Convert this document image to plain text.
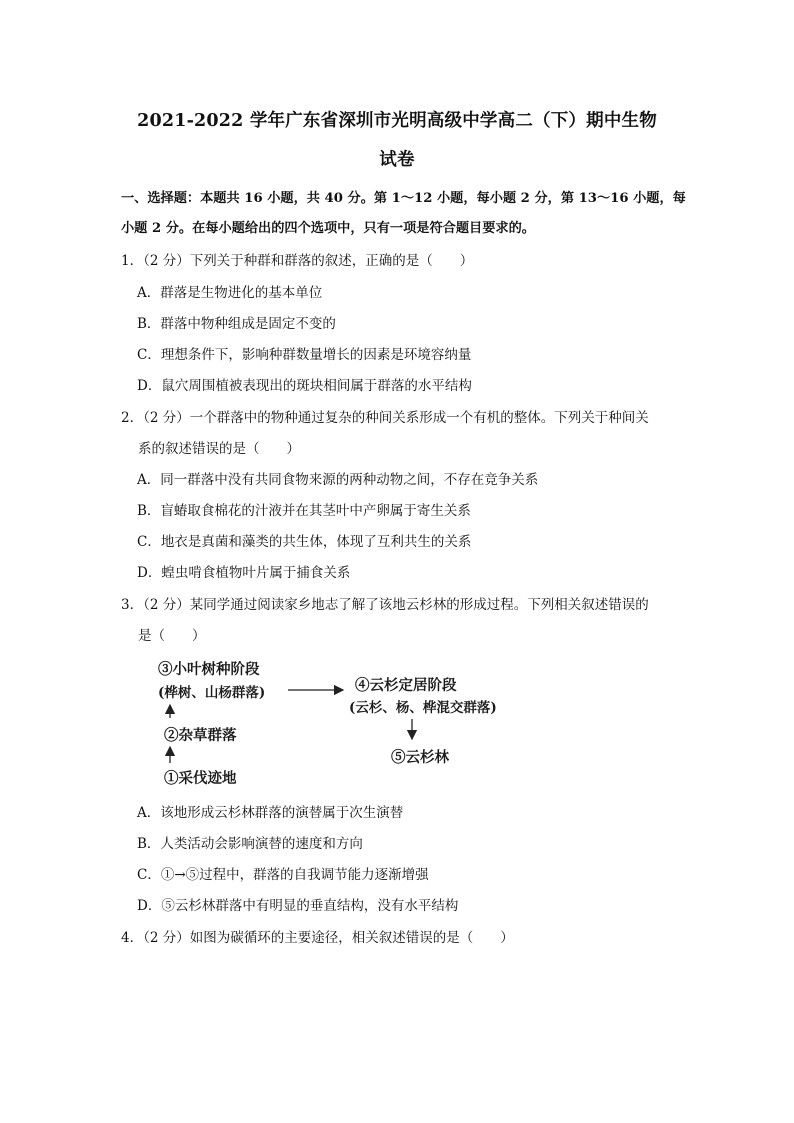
2021-2022 学年广东省深圳市光明高级中学高二（下）期中生物
试卷
一、选择题：本题共 16 小题，共 40 分。第 1～12 小题，每小题 2 分，第 13～16 小题，每
小题 2 分。在每小题给出的四个选项中，只有一项是符合题目要求的。
1．（2 分）下列关于种群和群落的叙述，正确的是（　　）
A．群落是生物进化的基本单位
B．群落中物种组成是固定不变的
C．理想条件下，影响种群数量增长的因素是环境容纳量
D．鼠穴周围植被表现出的斑块相间属于群落的水平结构
2．（2 分）一个群落中的物种通过复杂的种间关系形成一个有机的整体。下列关于种间关
系的叙述错误的是（　　）
A．同一群落中没有共同食物来源的两种动物之间，不存在竞争关系
B．盲蝽取食棉花的汁液并在其茎叶中产卵属于寄生关系
C．地衣是真菌和藻类的共生体，体现了互利共生的关系
D．蝗虫啃食植物叶片属于捕食关系
3．（2 分）某同学通过阅读家乡地志了解了该地云杉林的形成过程。下列相关叙述错误的
是（　　）
③小叶树种阶段
(桦树、山杨群落)	④云杉定居阶段
(云杉、杨、桦混交群落)
②杂草群落
⑤云杉林
①采伐迹地
A．该地形成云杉林群落的演替属于次生演替
B．人类活动会影响演替的速度和方向
C．①→⑤过程中，群落的自我调节能力逐渐增强
D．⑤云杉林群落中有明显的垂直结构，没有水平结构
4．（2 分）如图为碳循环的主要途径，相关叙述错误的是（　　）
